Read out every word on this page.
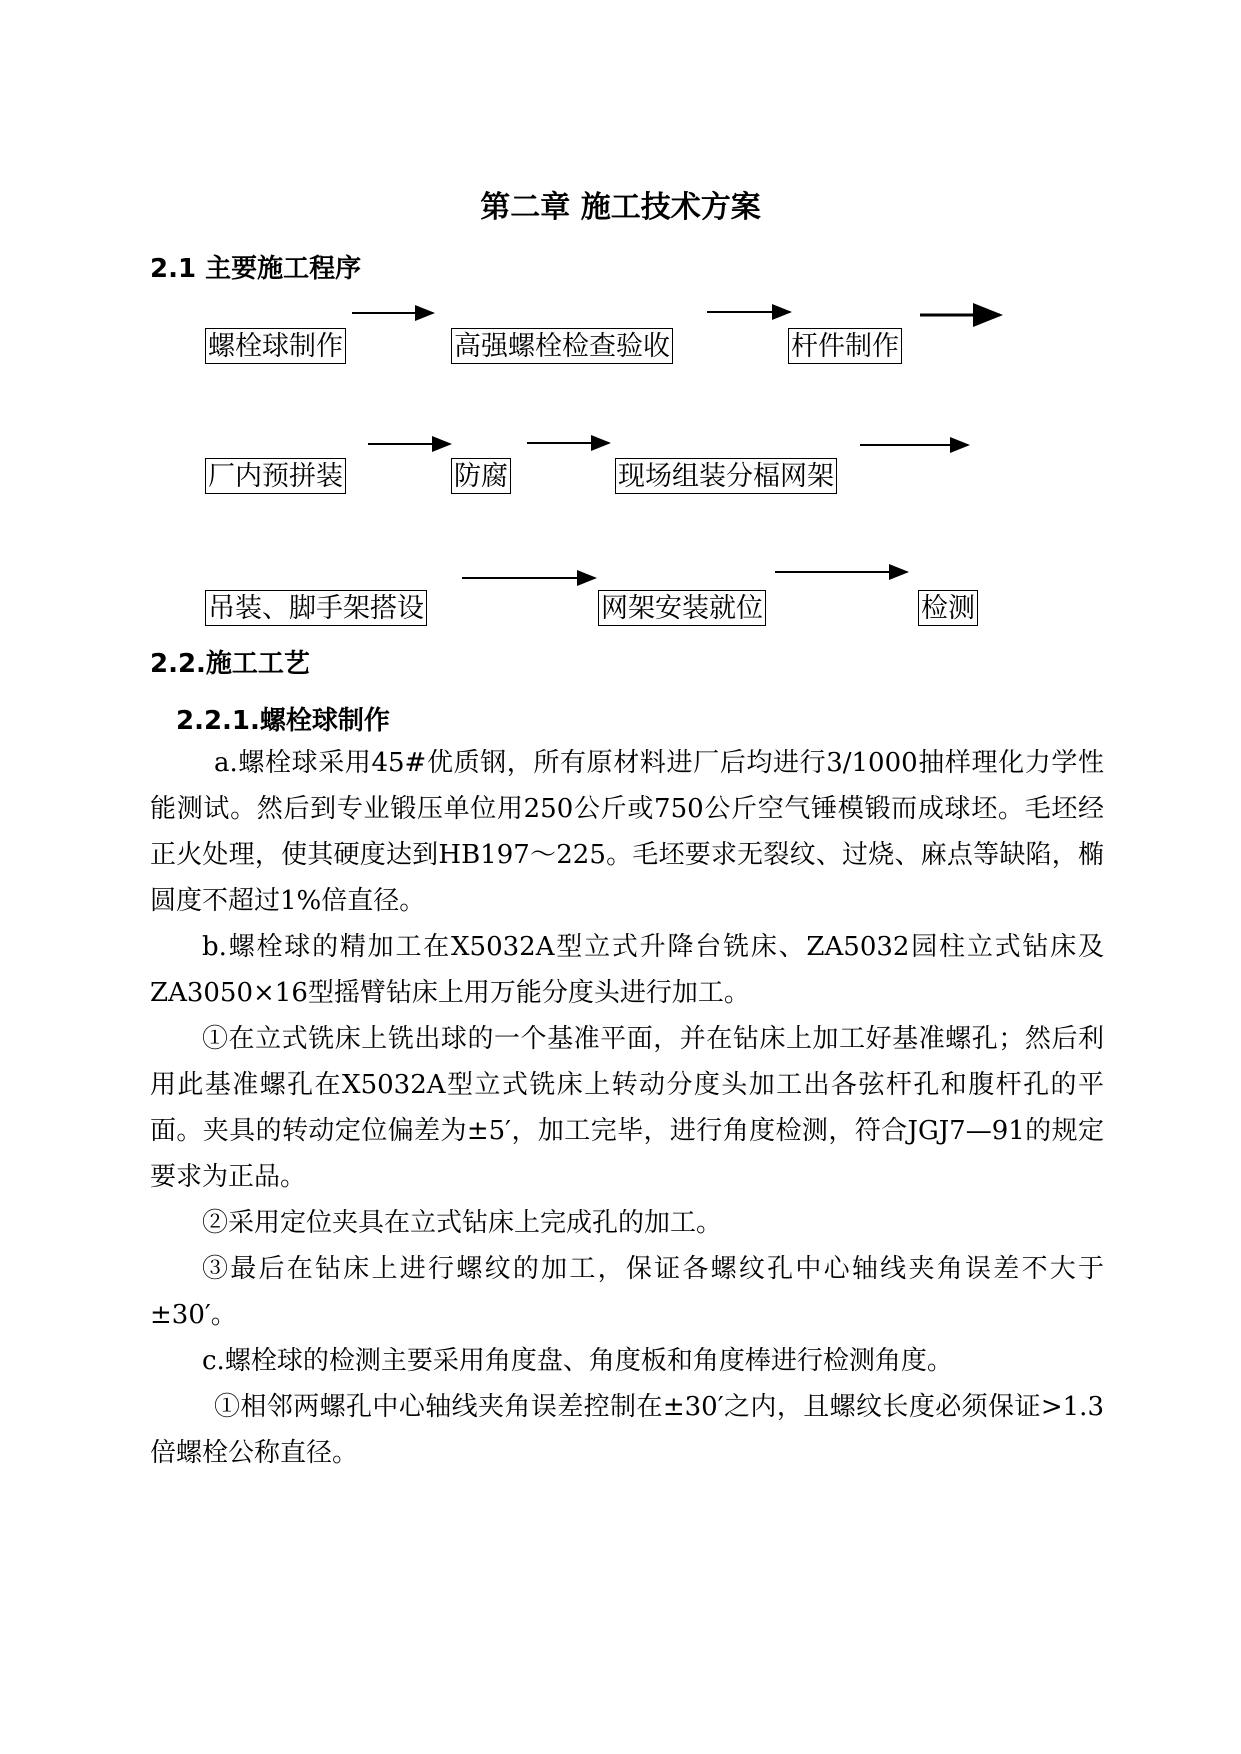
第二章 施工技术方案
2.1 主要施工程序
螺栓球制作	高强螺栓检查验收	杆件制作
厂内预拼装	防腐	现场组装分楅网架
吊装、脚手架搭设	网架安装就位	检测
2.2.施工工艺
2.2.1.螺栓球制作

a.螺栓球采用45#优质钢，所有原材料进厂后均进行3/1000抽样理化力学性能测试。然后到专业锻压单位用250公斤或750公斤空气锤模锻而成球坯。毛坯经正火处理，使其硬度达到HB197～225。毛坯要求无裂纹、过烧、麻点等缺陷，椭圆度不超过1%倍直径。

b.螺栓球的精加工在X5032A型立式升降台铣床、ZA5032园柱立式钻床及ZA3050×16型摇臂钻床上用万能分度头进行加工。

①在立式铣床上铣出球的一个基准平面，并在钻床上加工好基准螺孔；然后利用此基准螺孔在X5032A型立式铣床上转动分度头加工出各弦杆孔和腹杆孔的平面。夹具的转动定位偏差为±5′，加工完毕，进行角度检测，符合JGJ7—91的规定要求为正品。

②采用定位夹具在立式钻床上完成孔的加工。

③最后在钻床上进行螺纹的加工，保证各螺纹孔中心轴线夹角误差不大于±30′。

c.螺栓球的检测主要采用角度盘、角度板和角度棒进行检测角度。

①相邻两螺孔中心轴线夹角误差控制在±30′之内，且螺纹长度必须保证>1.3倍螺栓公称直径。
